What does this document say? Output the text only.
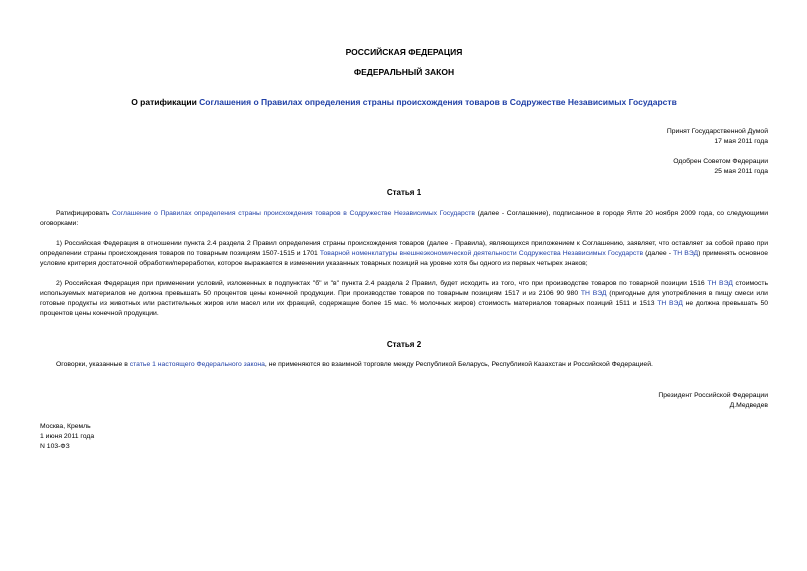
РОССИЙСКАЯ ФЕДЕРАЦИЯ
ФЕДЕРАЛЬНЫЙ ЗАКОН
О ратификации Соглашения о Правилах определения страны происхождения товаров в Содружестве Независимых Государств
Принят Государственной Думой
17 мая 2011 года
Одобрен Советом Федерации
25 мая 2011 года
Статья 1
Ратифицировать Соглашение о Правилах определения страны происхождения товаров в Содружестве Независимых Государств (далее - Соглашение), подписанное в городе Ялте 20 ноября 2009 года, со следующими оговорками:
1) Российская Федерация в отношении пункта 2.4 раздела 2 Правил определения страны происхождения товаров (далее - Правила), являющихся приложением к Соглашению, заявляет, что оставляет за собой право при определении страны происхождения товаров по товарным позициям 1507-1515 и 1701 Товарной номенклатуры внешнеэкономической деятельности Содружества Независимых Государств (далее - ТН ВЭД) применять основное условие критерия достаточной обработки/переработки, которое выражается в изменении указанных товарных позиций на уровне хотя бы одного из первых четырех знаков;
2) Российская Федерация при применении условий, изложенных в подпунктах "б" и "в" пункта 2.4 раздела 2 Правил, будет исходить из того, что при производстве товаров по товарной позиции 1516 ТН ВЭД стоимость используемых материалов не должна превышать 50 процентов цены конечной продукции. При производстве товаров по товарным позициям 1517 и из 2106 90 980 ТН ВЭД (пригодные для употребления в пищу смеси или готовые продукты из животных или растительных жиров или масел или их фракций, содержащие более 15 мас. % молочных жиров) стоимость материалов товарных позиций 1511 и 1513 ТН ВЭД не должна превышать 50 процентов цены конечной продукции.
Статья 2
Оговорки, указанные в статье 1 настоящего Федерального закона, не применяются во взаимной торговле между Республикой Беларусь, Республикой Казахстан и Российской Федерацией.
Президент Российской Федерации
Д.Медведев
Москва, Кремль
1 июня 2011 года
N 103-ФЗ
